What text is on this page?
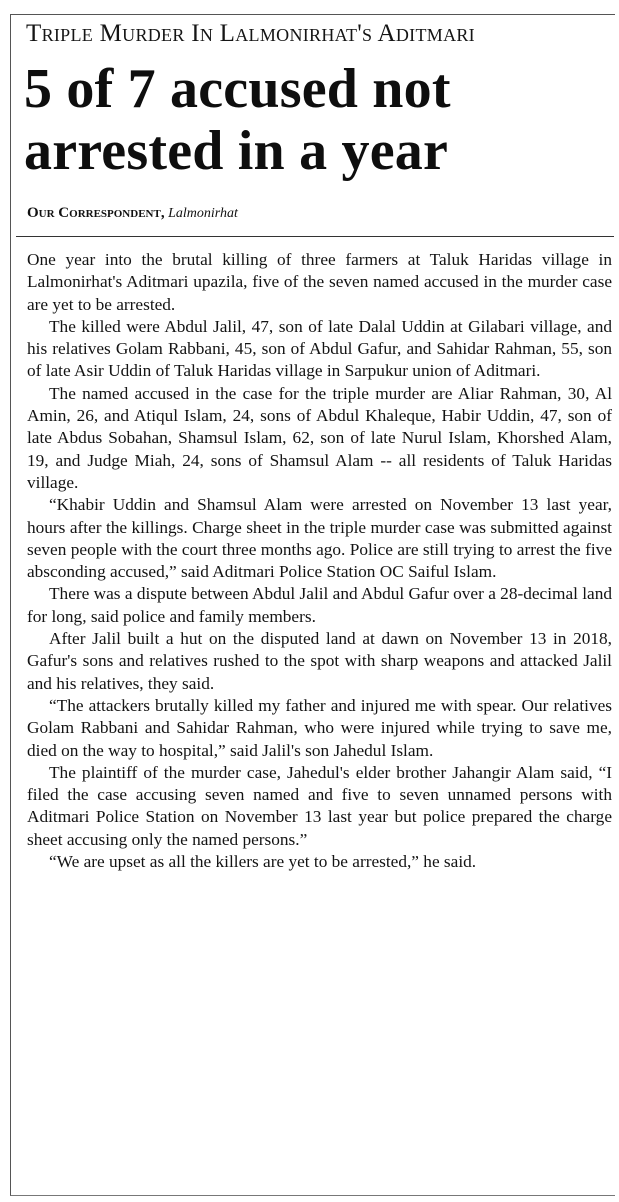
Triple Murder In Lalmonirhat's Aditmari
5 of 7 accused not arrested in a year
Our Correspondent, Lalmonirhat

One year into the brutal killing of three farmers at Taluk Haridas village in Lalmonirhat's Aditmari upazila, five of the seven named accused in the murder case are yet to be arrested.

The killed were Abdul Jalil, 47, son of late Dalal Uddin at Gilabari village, and his relatives Golam Rabbani, 45, son of Abdul Gafur, and Sahidar Rahman, 55, son of late Asir Uddin of Taluk Haridas village in Sarpukur union of Aditmari.

The named accused in the case for the triple murder are Aliar Rahman, 30, Al Amin, 26, and Atiqul Islam, 24, sons of Abdul Khaleque, Habir Uddin, 47, son of late Abdus Sobahan, Shamsul Islam, 62, son of late Nurul Islam, Khorshed Alam, 19, and Judge Miah, 24, sons of Shamsul Alam -- all residents of Taluk Haridas village.

“Khabir Uddin and Shamsul Alam were arrested on November 13 last year, hours after the killings. Charge sheet in the triple murder case was submitted against seven people with the court three months ago. Police are still trying to arrest the five absconding accused,” said Aditmari Police Station OC Saiful Islam.

There was a dispute between Abdul Jalil and Abdul Gafur over a 28-decimal land for long, said police and family members.

After Jalil built a hut on the disputed land at dawn on November 13 in 2018, Gafur's sons and relatives rushed to the spot with sharp weapons and attacked Jalil and his relatives, they said.

“The attackers brutally killed my father and injured me with spear. Our relatives Golam Rabbani and Sahidar Rahman, who were injured while trying to save me, died on the way to hospital,” said Jalil's son Jahedul Islam.

The plaintiff of the murder case, Jahedul's elder brother Jahangir Alam said, “I filed the case accusing seven named and five to seven unnamed persons with Aditmari Police Station on November 13 last year but police prepared the charge sheet accusing only the named persons.”

“We are upset as all the killers are yet to be arrested,” he said.
